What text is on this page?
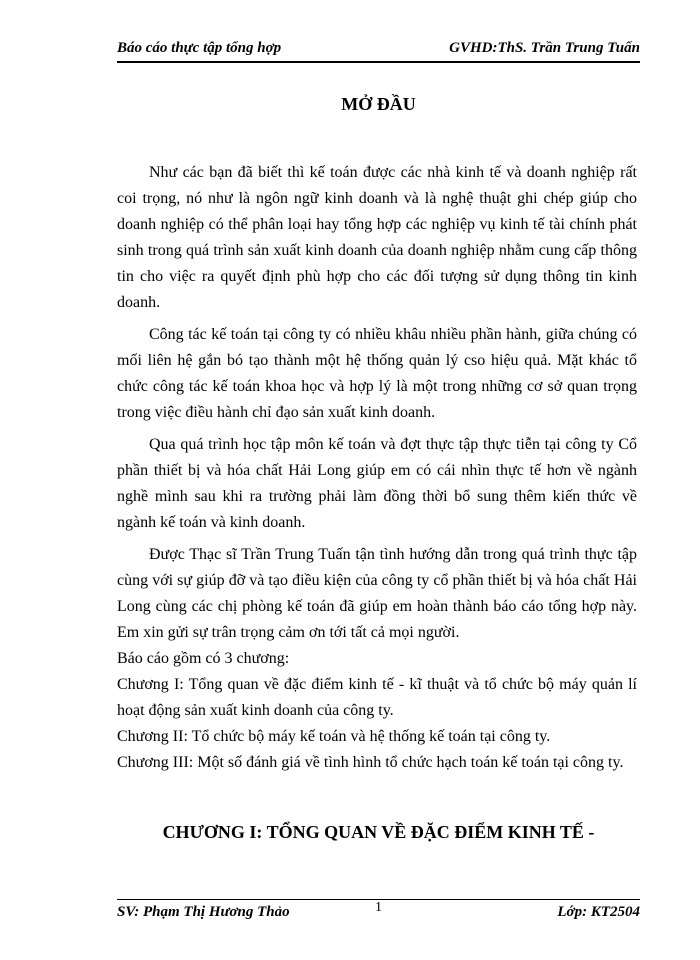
Báo cáo thực tập tổng hợp	GVHD:ThS. Trần Trung Tuấn
MỞ ĐẦU

Như các bạn đã biết thì kế toán được các nhà kinh tế và doanh nghiệp rất coi trọng, nó như là ngôn ngữ kinh doanh và là nghệ thuật ghi chép giúp cho doanh nghiệp có thể phân loại hay tổng hợp các nghiệp vụ kinh tế tài chính phát sinh trong quá trình sản xuất kinh doanh của doanh nghiệp nhằm cung cấp thông tin cho việc ra quyết định phù hợp cho các đối tượng sử dụng thông tin kinh doanh.

Công tác kế toán tại công ty có nhiều khâu nhiều phần hành, giữa chúng có mối liên hệ gắn bó tạo thành một hệ thống quản lý cso hiệu quả. Mặt khác tổ chức công tác kế toán khoa học và hợp lý là một trong những cơ sở quan trọng trong việc điều hành chỉ đạo sản xuất kinh doanh.

Qua quá trình học tập môn kế toán và đợt thực tập thực tiễn tại công ty Cổ phần thiết bị và hóa chất Hải Long giúp em có cái nhìn thực tế hơn về ngành nghề mình sau khi ra trường phải làm đồng thời bổ sung thêm kiến thức về ngành kế toán và kinh doanh.

Được Thạc sĩ Trần Trung Tuấn tận tình hướng dẫn trong quá trình thực tập cùng với sự giúp đỡ và tạo điều kiện của công ty cổ phần thiết bị và hóa chất Hải Long cùng các chị phòng kế toán đã giúp em hoàn thành báo cáo tổng hợp này. Em xin gửi sự trân trọng cảm ơn tới tất cả mọi người.

Báo cáo gồm có 3 chương:

Chương I: Tổng quan về đặc điểm kinh tế - kĩ thuật và tổ chức bộ máy quản lí hoạt động sản xuất kinh doanh của công ty.

Chương II: Tổ chức bộ máy kế toán và hệ thống kế toán tại công ty.

Chương III: Một số đánh giá về tình hình tổ chức hạch toán kế toán tại công ty.

CHƯƠNG I: TỔNG QUAN VỀ ĐẶC ĐIỂM KINH TẾ -
SV: Phạm Thị Hương Thảo	1	Lớp: KT2504
